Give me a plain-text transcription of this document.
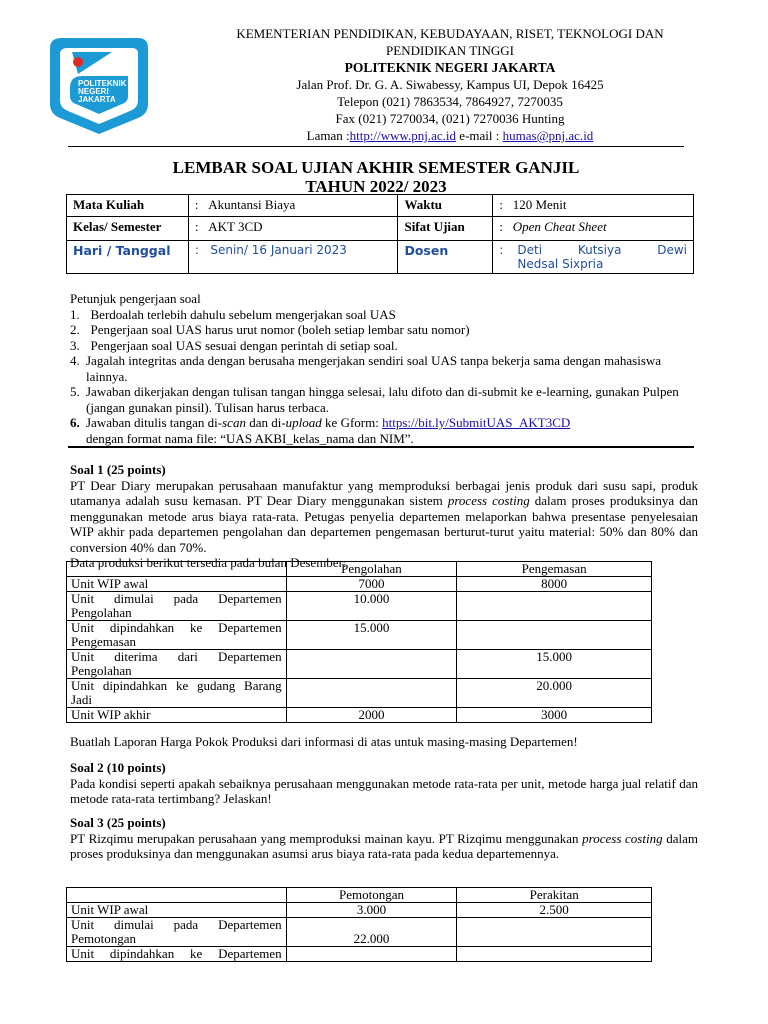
POLITEKNIK
NEGERI
JAKARTA
KEMENTERIAN PENDIDIKAN, KEBUDAYAAN, RISET, TEKNOLOGI DAN
PENDIDIKAN TINGGI
POLITEKNIK NEGERI JAKARTA
Jalan Prof. Dr. G. A. Siwabessy, Kampus UI, Depok 16425
Telepon (021) 7863534, 7864927, 7270035
Fax (021) 7270034, (021) 7270036 Hunting
Laman :http://www.pnj.ac.id e-mail : humas@pnj.ac.id
LEMBAR SOAL UJIAN AKHIR SEMESTER GANJIL
TAHUN 2022/ 2023
Mata Kuliah	: Akuntansi Biaya	Waktu	: 120 Menit
Kelas/ Semester	: AKT 3CD	Sifat Ujian	: Open Cheat Sheet
Hari / Tanggal	: Senin/ 16 Januari 2023	Dosen	: Deti Kutsiya Dewi
Nedsal Sixpria
Petunjuk pengerjaan soal
1. Berdoalah terlebih dahulu sebelum mengerjakan soal UAS
2. Pengerjaan soal UAS harus urut nomor (boleh setiap lembar satu nomor)
3. Pengerjaan soal UAS sesuai dengan perintah di setiap soal.
4. Jagalah integritas anda dengan berusaha mengerjakan sendiri soal UAS tanpa bekerja sama dengan mahasiswa lainnya.
5. Jawaban dikerjakan dengan tulisan tangan hingga selesai, lalu difoto dan di-submit ke e-learning, gunakan Pulpen (jangan gunakan pinsil). Tulisan harus terbaca.
6. Jawaban ditulis tangan di-scan dan di-upload ke Gform: https://bit.ly/SubmitUAS_AKT3CD
dengan format nama file: “UAS AKBI_kelas_nama dan NIM”.
Soal 1 (25 points)
PT Dear Diary merupakan perusahaan manufaktur yang memproduksi berbagai jenis produk dari susu sapi, produk utamanya adalah susu kemasan. PT Dear Diary menggunakan sistem process costing dalam proses produksinya dan menggunakan metode arus biaya rata-rata. Petugas penyelia departemen melaporkan bahwa presentase penyelesaian WIP akhir pada departemen pengolahan dan departemen pengemasan berturut-turut yaitu material: 50% dan 80% dan conversion 40% dan 70%.
Data produksi berikut tersedia pada bulan Desember:
	Pengolahan	Pengemasan
Unit WIP awal	7000	8000
Unit dimulai pada Departemen Pengolahan	10.000	
Unit dipindahkan ke Departemen Pengemasan	15.000	
Unit diterima dari Departemen Pengolahan		15.000
Unit dipindahkan ke gudang Barang Jadi		20.000
Unit WIP akhir	2000	3000
Buatlah Laporan Harga Pokok Produksi dari informasi di atas untuk masing-masing Departemen!
Soal 2 (10 points)
Pada kondisi seperti apakah sebaiknya perusahaan menggunakan metode rata-rata per unit, metode harga jual relatif dan metode rata-rata tertimbang? Jelaskan!
Soal 3 (25 points)
PT Rizqimu merupakan perusahaan yang memproduksi mainan kayu. PT Rizqimu menggunakan process costing dalam proses produksinya dan menggunakan asumsi arus biaya rata-rata pada kedua departemennya.
	Pemotongan	Perakitan
Unit WIP awal	3.000	2.500
Unit dimulai pada Departemen Pemotongan	22.000	
Unit dipindahkan ke Departemen		
